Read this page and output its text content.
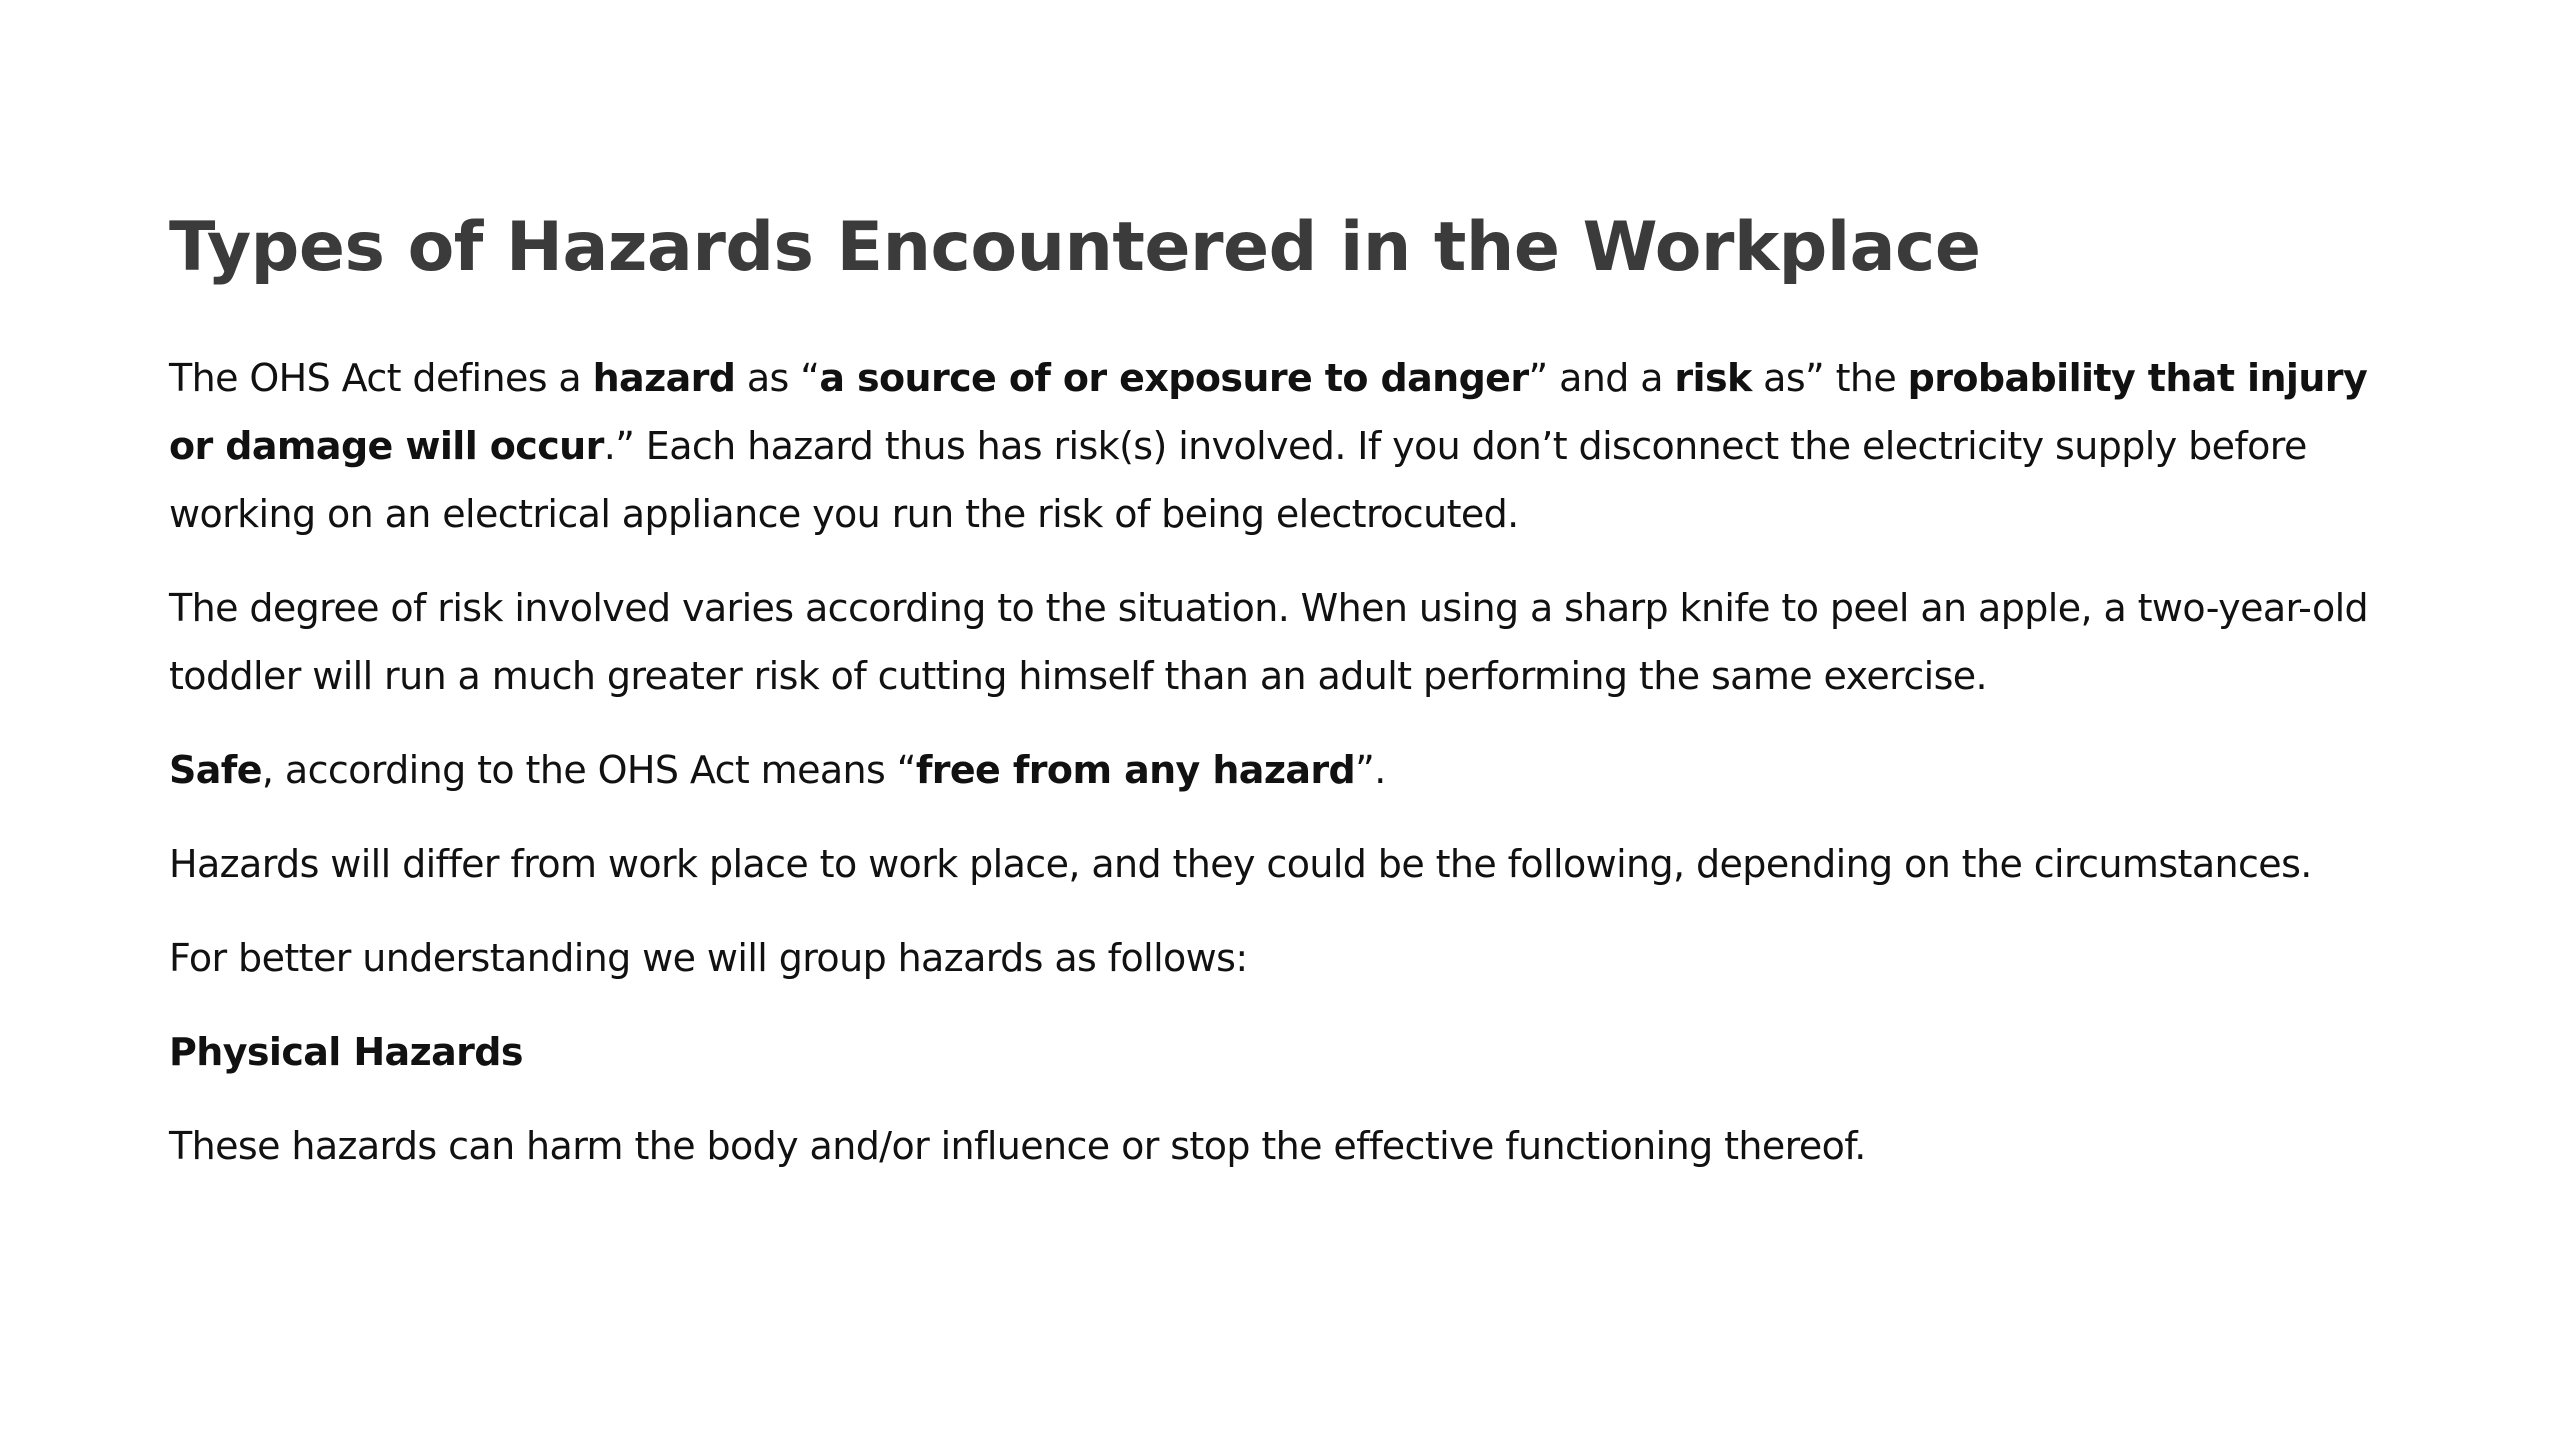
Types of Hazards Encountered in the Workplace

The OHS Act defines a hazard as “a source of or exposure to danger” and a risk as” the probability that injury or damage will occur.” Each hazard thus has risk(s) involved. If you don’t disconnect the electricity supply before working on an electrical appliance you run the risk of being electrocuted.

The degree of risk involved varies according to the situation. When using a sharp knife to peel an apple, a two-year-old toddler will run a much greater risk of cutting himself than an adult performing the same exercise.

Safe, according to the OHS Act means “free from any hazard”.

Hazards will differ from work place to work place, and they could be the following, depending on the circumstances.

For better understanding we will group hazards as follows:

Physical Hazards

These hazards can harm the body and/or influence or stop the effective functioning thereof.
